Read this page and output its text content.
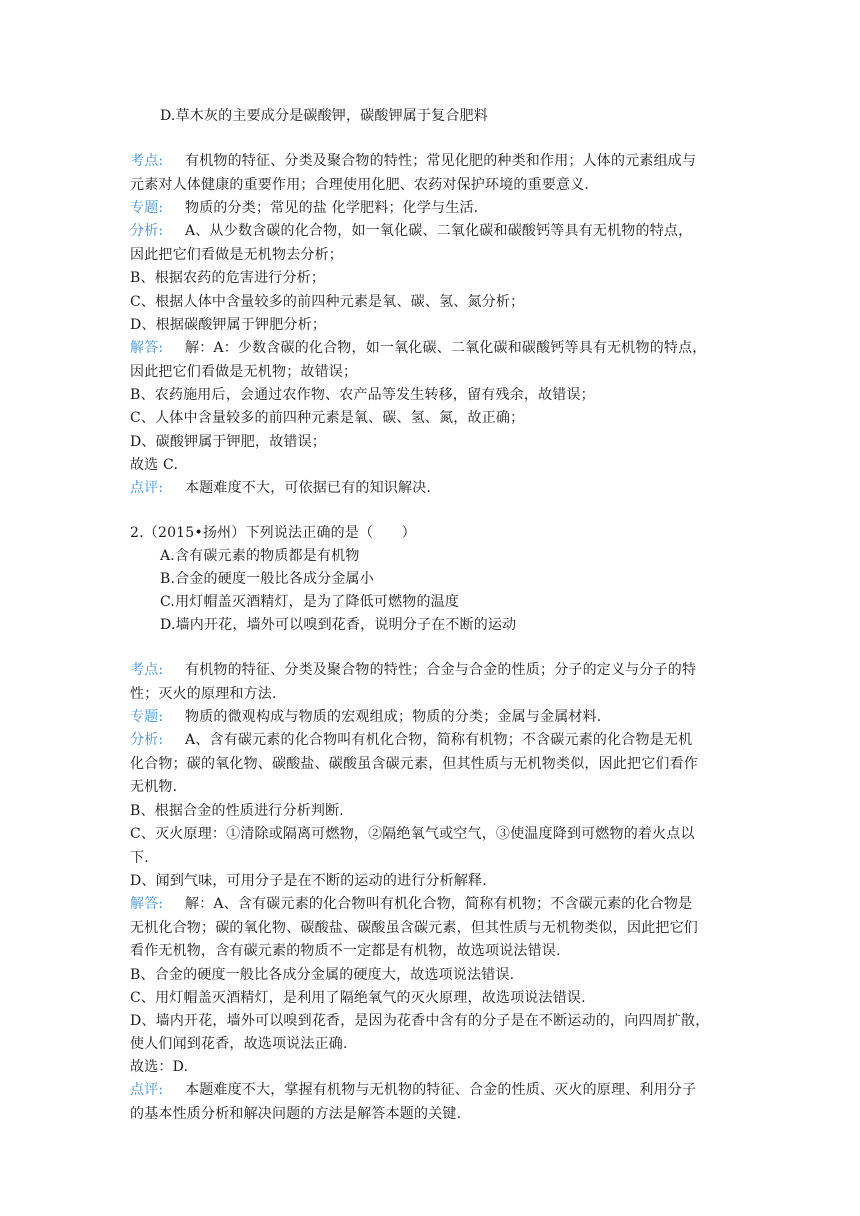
D.草木灰的主要成分是碳酸钾，碳酸钾属于复合肥料
考点: 有机物的特征、分类及聚合物的特性；常见化肥的种类和作用；人体的元素组成与
元素对人体健康的重要作用；合理使用化肥、农药对保护环境的重要意义.
专题: 物质的分类；常见的盐 化学肥料；化学与生活.
分析: A、从少数含碳的化合物，如一氧化碳、二氧化碳和碳酸钙等具有无机物的特点，
因此把它们看做是无机物去分析；
B、根据农药的危害进行分析；
C、根据人体中含量较多的前四种元素是氧、碳、氢、氮分析；
D、根据碳酸钾属于钾肥分析；
解答: 解：A：少数含碳的化合物，如一氧化碳、二氧化碳和碳酸钙等具有无机物的特点，
因此把它们看做是无机物；故错误；
B、农药施用后，会通过农作物、农产品等发生转移，留有残余，故错误；
C、人体中含量较多的前四种元素是氧、碳、氢、氮，故正确；
D、碳酸钾属于钾肥，故错误；
故选 C.
点评: 本题难度不大，可依据已有的知识解决.
2.（2015•扬州）下列说法正确的是（　　）
A.含有碳元素的物质都是有机物
B.合金的硬度一般比各成分金属小
C.用灯帽盖灭酒精灯，是为了降低可燃物的温度
D.墙内开花，墙外可以嗅到花香，说明分子在不断的运动
考点: 有机物的特征、分类及聚合物的特性；合金与合金的性质；分子的定义与分子的特
性；灭火的原理和方法.
专题: 物质的微观构成与物质的宏观组成；物质的分类；金属与金属材料.
分析: A、含有碳元素的化合物叫有机化合物，简称有机物；不含碳元素的化合物是无机
化合物；碳的氧化物、碳酸盐、碳酸虽含碳元素，但其性质与无机物类似，因此把它们看作
无机物.
B、根据合金的性质进行分析判断.
C、灭火原理：①清除或隔离可燃物，②隔绝氧气或空气，③使温度降到可燃物的着火点以
下.
D、闻到气味，可用分子是在不断的运动的进行分析解释.
解答: 解：A、含有碳元素的化合物叫有机化合物，简称有机物；不含碳元素的化合物是
无机化合物；碳的氧化物、碳酸盐、碳酸虽含碳元素，但其性质与无机物类似，因此把它们
看作无机物，含有碳元素的物质不一定都是有机物，故选项说法错误.
B、合金的硬度一般比各成分金属的硬度大，故选项说法错误.
C、用灯帽盖灭酒精灯，是利用了隔绝氧气的灭火原理，故选项说法错误.
D、墙内开花，墙外可以嗅到花香，是因为花香中含有的分子是在不断运动的，向四周扩散，
使人们闻到花香，故选项说法正确.
故选：D.
点评: 本题难度不大，掌握有机物与无机物的特征、合金的性质、灭火的原理、利用分子
的基本性质分析和解决问题的方法是解答本题的关键.
